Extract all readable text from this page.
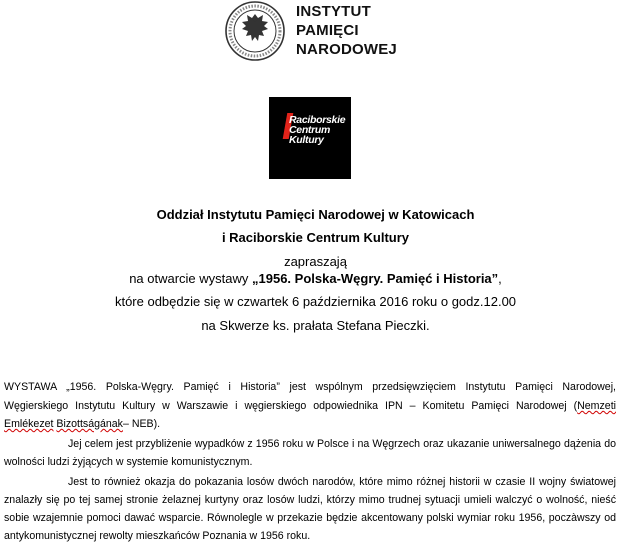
INSTYTUT
PAMIĘCI
NARODOWEJ
Raciborskie
Centrum
Kultury
Oddział Instytutu Pamięci Narodowej w Katowicach
i Raciborskie Centrum Kultury
zapraszają
na otwarcie wystawy „1956. Polska-Węgry. Pamięć i Historia”,
które odbędzie się w czwartek 6 października 2016 roku o godz.12.00
na Skwerze ks. prałata Stefana Pieczki.
WYSTAWA „1956. Polska-Węgry. Pamięć i Historia” jest wspólnym przedsięwzięciem Instytutu Pamięci Narodowej,
Węgierskiego Instytutu Kultury w Warszawie i węgierskiego odpowiednika IPN – Komitetu Pamięci Narodowej (Nemzeti
Emlékezet Bizottságának– NEB).
Jej celem jest przybliżenie wypadków z 1956 roku w Polsce i na Węgrzech oraz ukazanie uniwersalnego dążenia do
wolności ludzi żyjących w systemie komunistycznym.
Jest to również okazja do pokazania losów dwóch narodów, które mimo różnej historii w czasie II wojny światowej
znalazły się po tej samej stronie żelaznej kurtyny oraz losów ludzi, którzy mimo trudnej sytuacji umieli walczyć o wolność, nieść
sobie wzajemnie pomoci dawać wsparcie. Równolegle w przekazie będzie akcentowany polski wymiar roku 1956, poczàwszy od
antykomunistycznej rewolty mieszkańców Poznania w 1956 roku.
